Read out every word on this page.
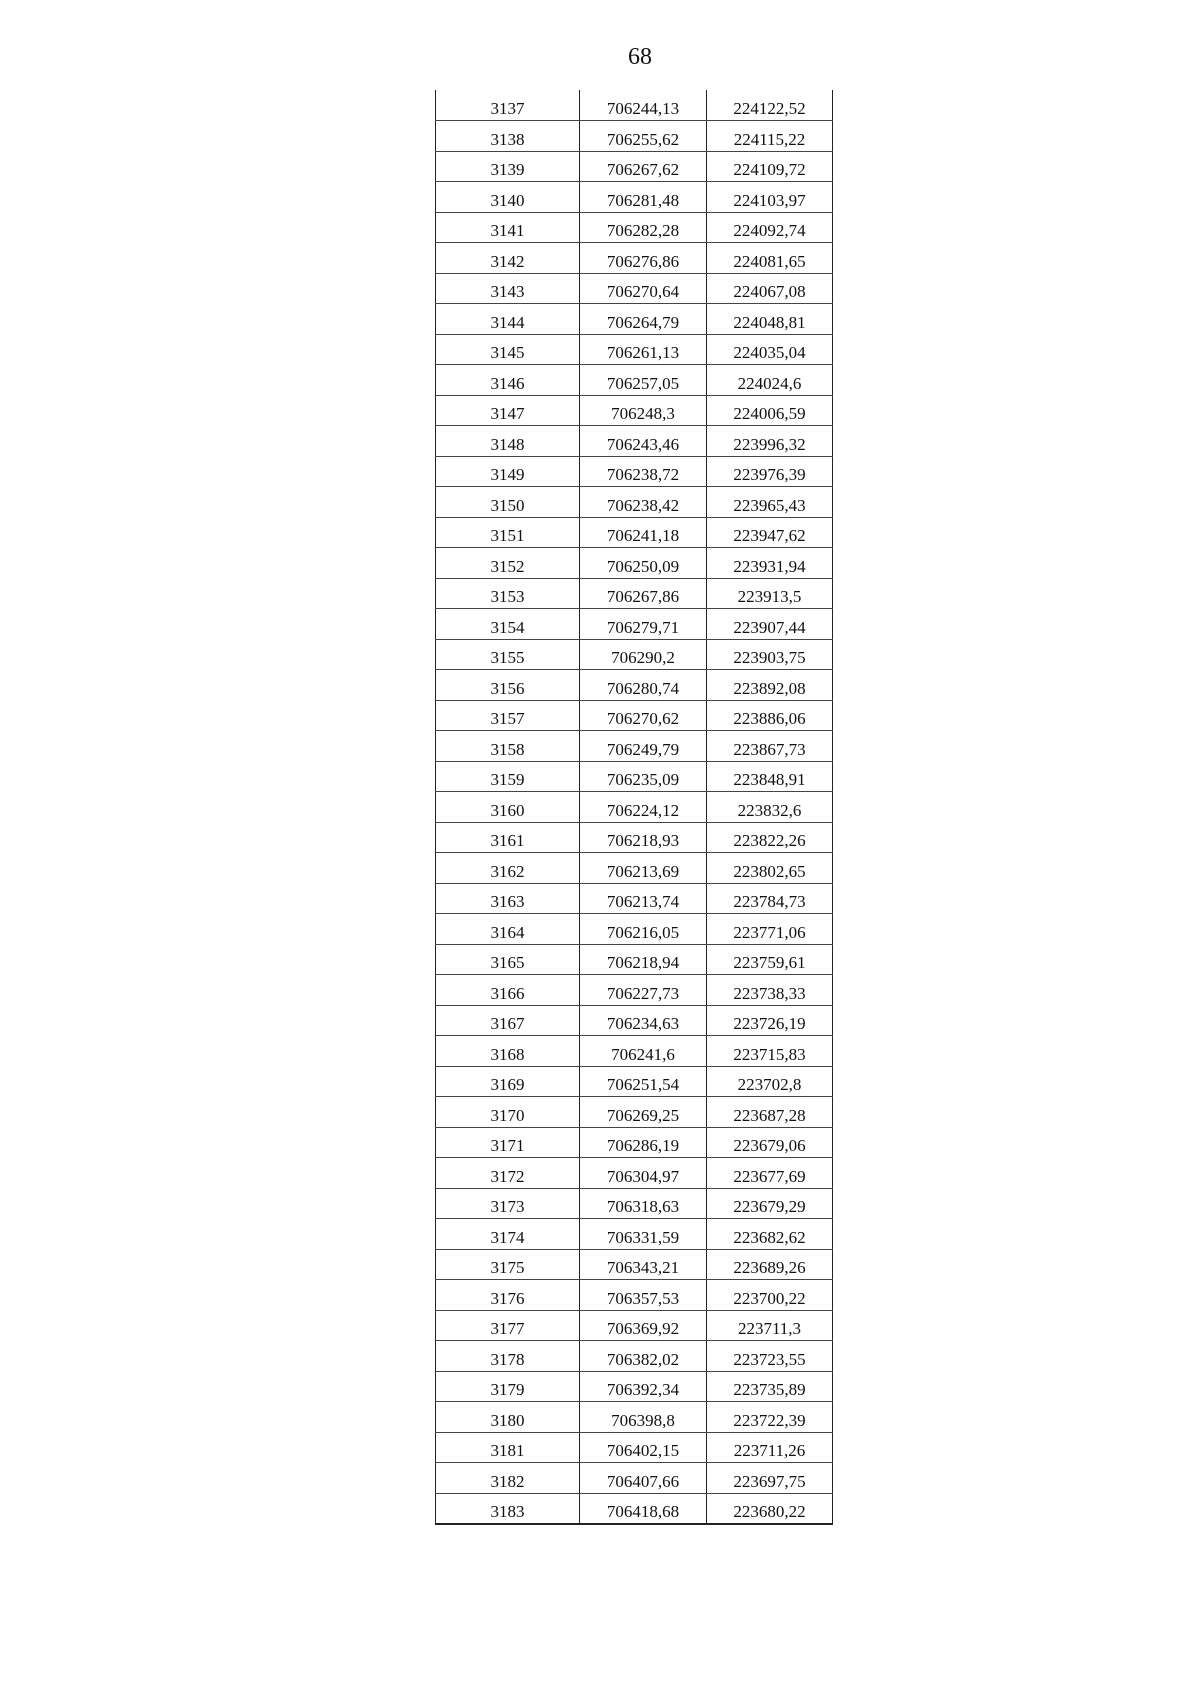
68
3137	706244,13	224122,52
3138	706255,62	224115,22
3139	706267,62	224109,72
3140	706281,48	224103,97
3141	706282,28	224092,74
3142	706276,86	224081,65
3143	706270,64	224067,08
3144	706264,79	224048,81
3145	706261,13	224035,04
3146	706257,05	224024,6
3147	706248,3	224006,59
3148	706243,46	223996,32
3149	706238,72	223976,39
3150	706238,42	223965,43
3151	706241,18	223947,62
3152	706250,09	223931,94
3153	706267,86	223913,5
3154	706279,71	223907,44
3155	706290,2	223903,75
3156	706280,74	223892,08
3157	706270,62	223886,06
3158	706249,79	223867,73
3159	706235,09	223848,91
3160	706224,12	223832,6
3161	706218,93	223822,26
3162	706213,69	223802,65
3163	706213,74	223784,73
3164	706216,05	223771,06
3165	706218,94	223759,61
3166	706227,73	223738,33
3167	706234,63	223726,19
3168	706241,6	223715,83
3169	706251,54	223702,8
3170	706269,25	223687,28
3171	706286,19	223679,06
3172	706304,97	223677,69
3173	706318,63	223679,29
3174	706331,59	223682,62
3175	706343,21	223689,26
3176	706357,53	223700,22
3177	706369,92	223711,3
3178	706382,02	223723,55
3179	706392,34	223735,89
3180	706398,8	223722,39
3181	706402,15	223711,26
3182	706407,66	223697,75
3183	706418,68	223680,22
